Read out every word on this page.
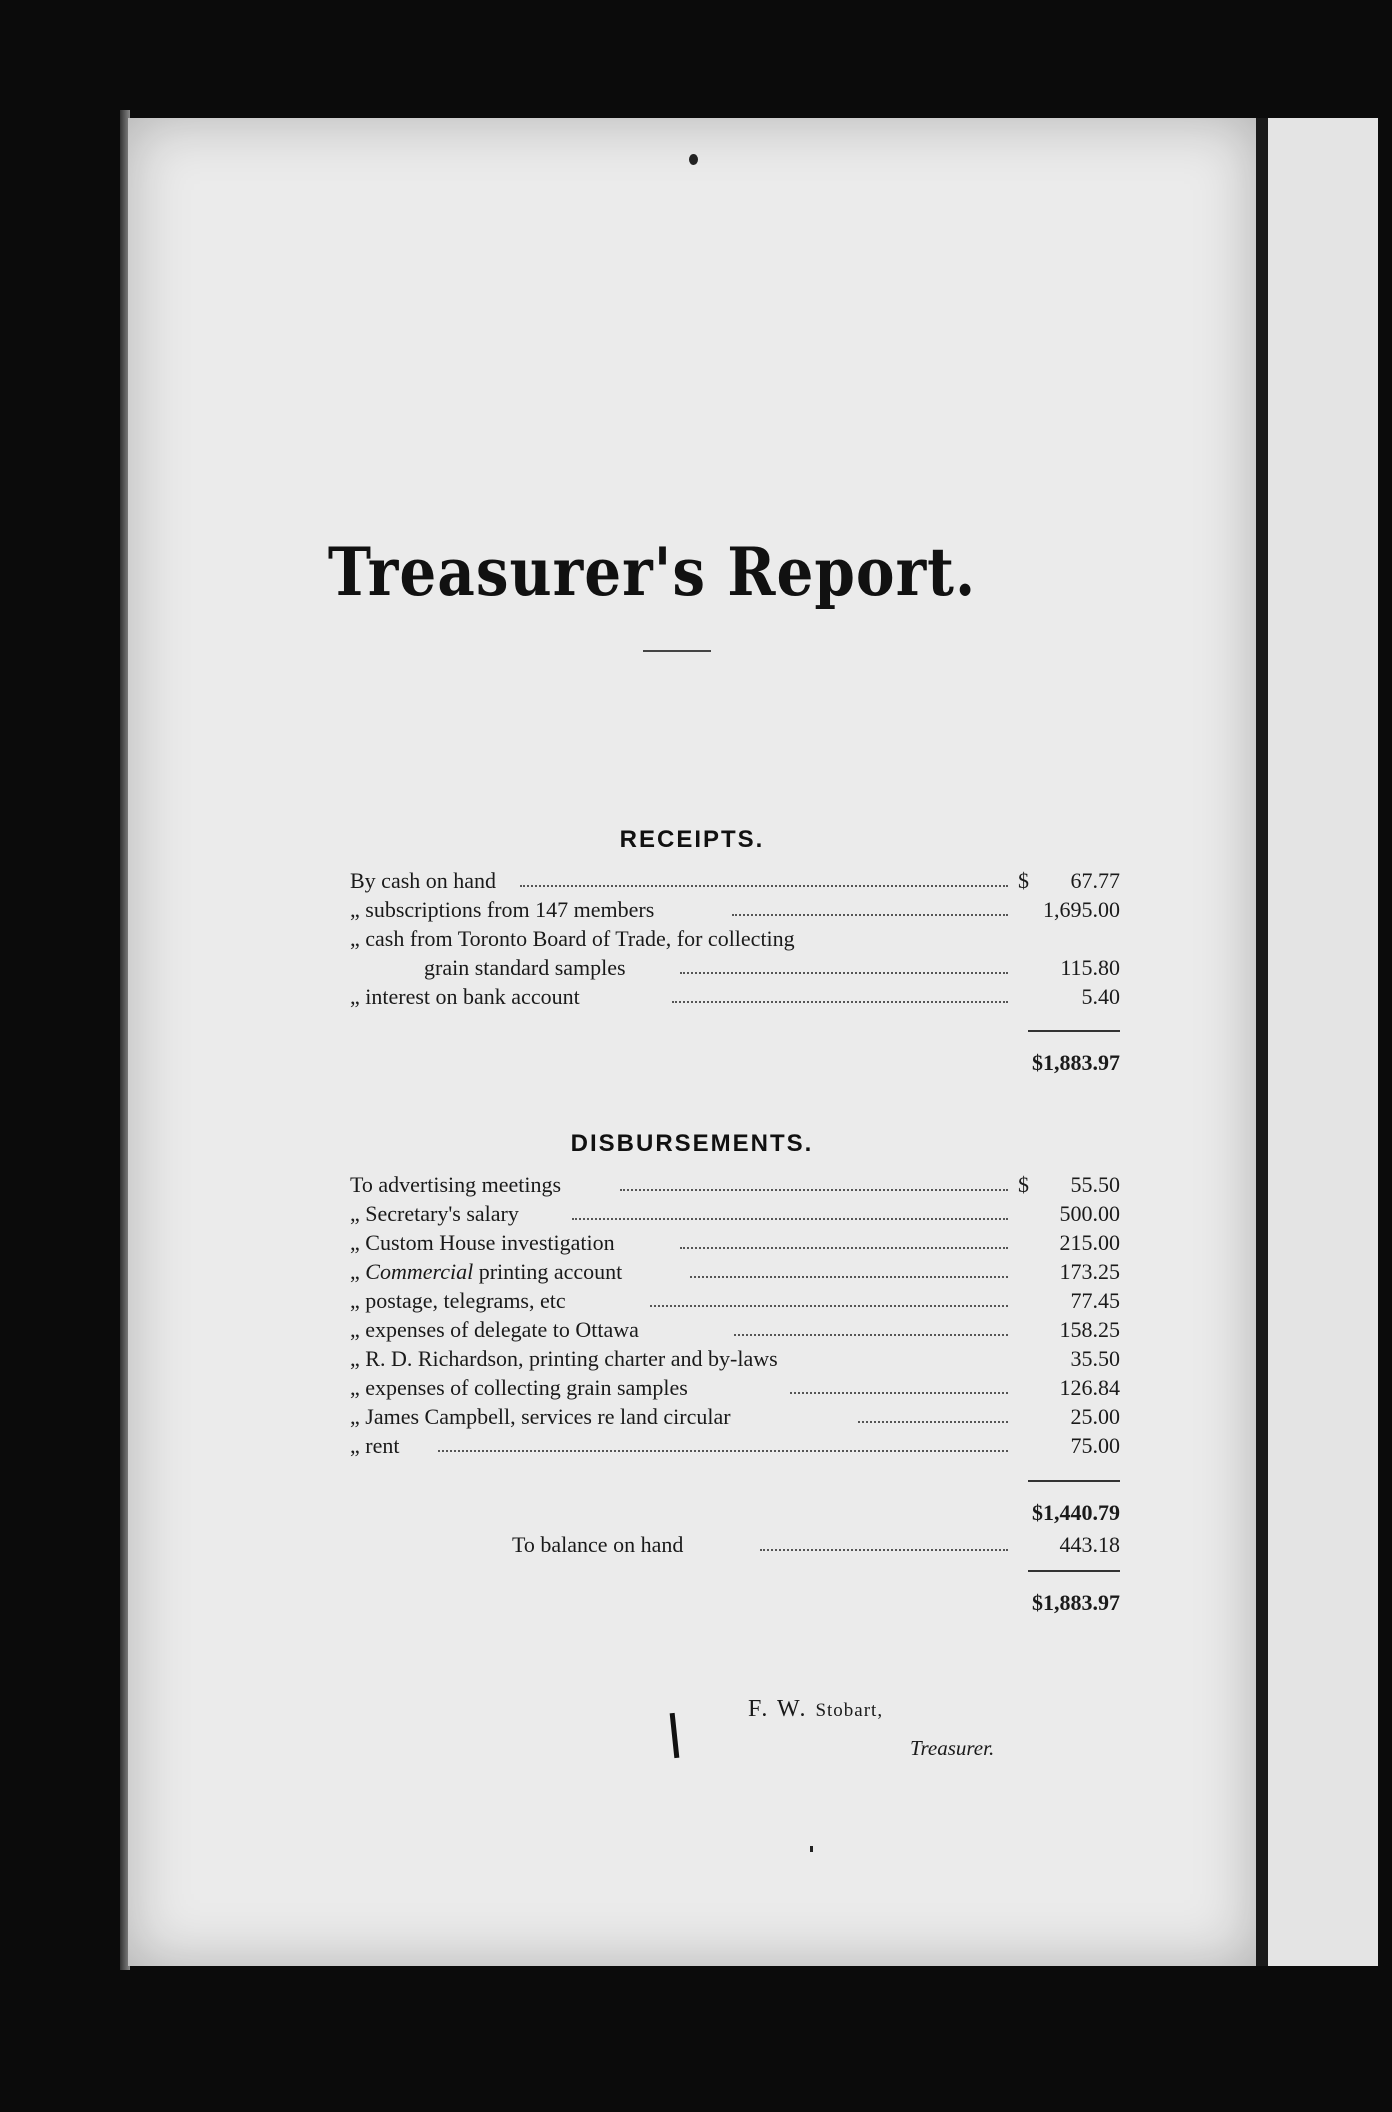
Treasurer's Report.
RECEIPTS.
By cash on hand	$ 67.77
„ subscriptions from 147 members	1,695.00
„ cash from Toronto Board of Trade, for collecting
grain standard samples	115.80
„ interest on bank account	5.40
$1,883.97
DISBURSEMENTS.
To advertising meetings	$ 55.50
„ Secretary's salary	500.00
„ Custom House investigation	215.00
„ Commercial printing account	173.25
„ postage, telegrams, etc	77.45
„ expenses of delegate to Ottawa	158.25
„ R. D. Richardson, printing charter and by-laws	35.50
„ expenses of collecting grain samples	126.84
„ James Campbell, services re land circular	25.00
„ rent	75.00
$1,440.79
To balance on hand	443.18
$1,883.97
F. W. Stobart,
Treasurer.
